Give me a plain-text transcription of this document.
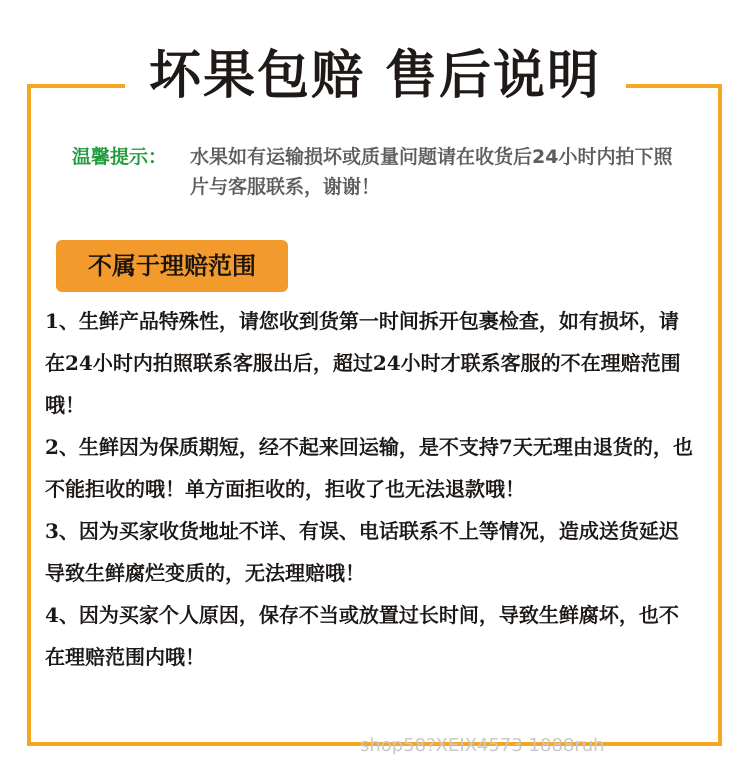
坏果包赔 售后说明
温馨提示： 水果如有运输损坏或质量问题请在收货后24小时内拍下照片与客服联系，谢谢！
不属于理赔范围

1、生鲜产品特殊性，请您收到货第一时间拆开包裹检查，如有损坏，请在24小时内拍照联系客服出后，超过24小时才联系客服的不在理赔范围哦！

2、生鲜因为保质期短，经不起来回运输，是不支持7天无理由退货的，也不能拒收的哦！单方面拒收的，拒收了也无法退款哦！

3、因为买家收货地址不详、有误、电话联系不上等情况，造成送货延迟导致生鲜腐烂变质的，无法理赔哦！

4、因为买家个人原因，保存不当或放置过长时间，导致生鲜腐坏，也不在理赔范围内哦！

shop58?XEIX4573 1888ruh
